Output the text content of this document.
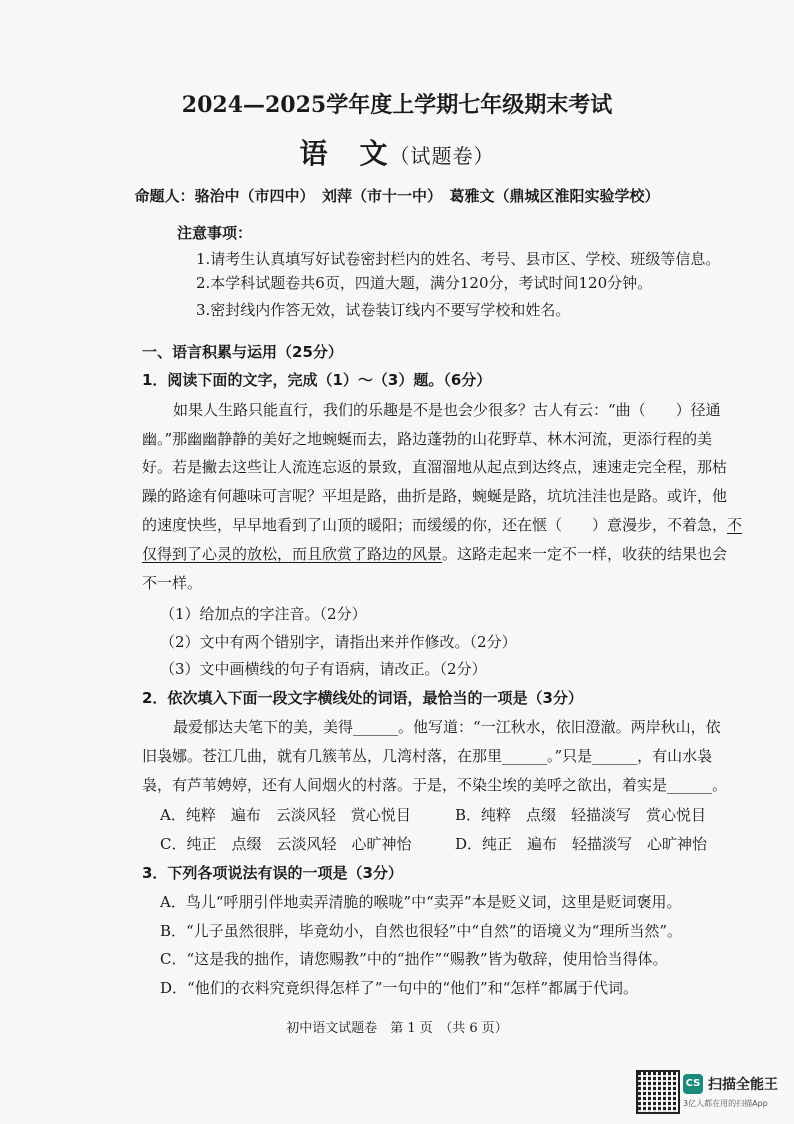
2024—2025学年度上学期七年级期末考试
语　文（试题卷）
命题人：骆治中（市四中）　刘萍（市十一中）　葛雅文（鼎城区淮阳实验学校）
注意事项：
1.请考生认真填写好试卷密封栏内的姓名、考号、县市区、学校、班级等信息。
2.本学科试题卷共6页，四道大题，满分120分，考试时间120分钟。
3.密封线内作答无效，试卷装订线内不要写学校和姓名。
一、语言积累与运用（25分）
1．阅读下面的文字，完成（1）～（3）题。（6分）
如果人生路只能直行，我们的乐趣是不是也会少很多？古人有云：“曲（　　）径通
幽。”那幽幽静静的美好之地蜿蜒而去，路边蓬勃的山花野草、林木河流，更添行程的美
好。若是撇去这些让人流连忘返的景致，直溜溜地从起点到达终点，速速走完全程，那枯
躁的路途有何趣味可言呢？平坦是路，曲折是路，蜿蜒是路，坑坑洼洼也是路。或许，他
的速度快些，早早地看到了山顶的暖阳；而缓缓的你，还在惬（　　）意漫步，不着急，不
仅得到了心灵的放松，而且欣赏了路边的风景。这路走起来一定不一样，收获的结果也会
不一样。
（1）给加点的字注音。（2分）
（2）文中有两个错别字，请指出来并作修改。（2分）
（3）文中画横线的句子有语病，请改正。（2分）
2．依次填入下面一段文字横线处的词语，最恰当的一项是（3分）
最爱郁达夫笔下的美，美得______。他写道：“一江秋水，依旧澄澈。两岸秋山，依
旧袅娜。苍江几曲，就有几簇苇丛，几湾村落，在那里______。”只是______，有山水袅
袅，有芦苇娉婷，还有人间烟火的村落。于是，不染尘埃的美呼之欲出，着实是______。
A．纯粹　遍布　云淡风轻　赏心悦目	B．纯粹　点缀　轻描淡写　赏心悦目
C．纯正　点缀　云淡风轻　心旷神怡	D．纯正　遍布　轻描淡写　心旷神怡
3．下列各项说法有误的一项是（3分）
A．鸟儿“呼朋引伴地卖弄清脆的喉咙”中“卖弄”本是贬义词，这里是贬词褒用。
B．“儿子虽然很胖，毕竟幼小，自然也很轻”中“自然”的语境义为“理所当然”。
C．“这是我的拙作，请您赐教”中的“拙作”“赐教”皆为敬辞，使用恰当得体。
D．“他们的衣料究竟织得怎样了”一句中的“他们”和“怎样”都属于代词。
初中语文试题卷　第 1 页　（共 6 页）
CS 扫描全能王
3亿人都在用的扫描App
